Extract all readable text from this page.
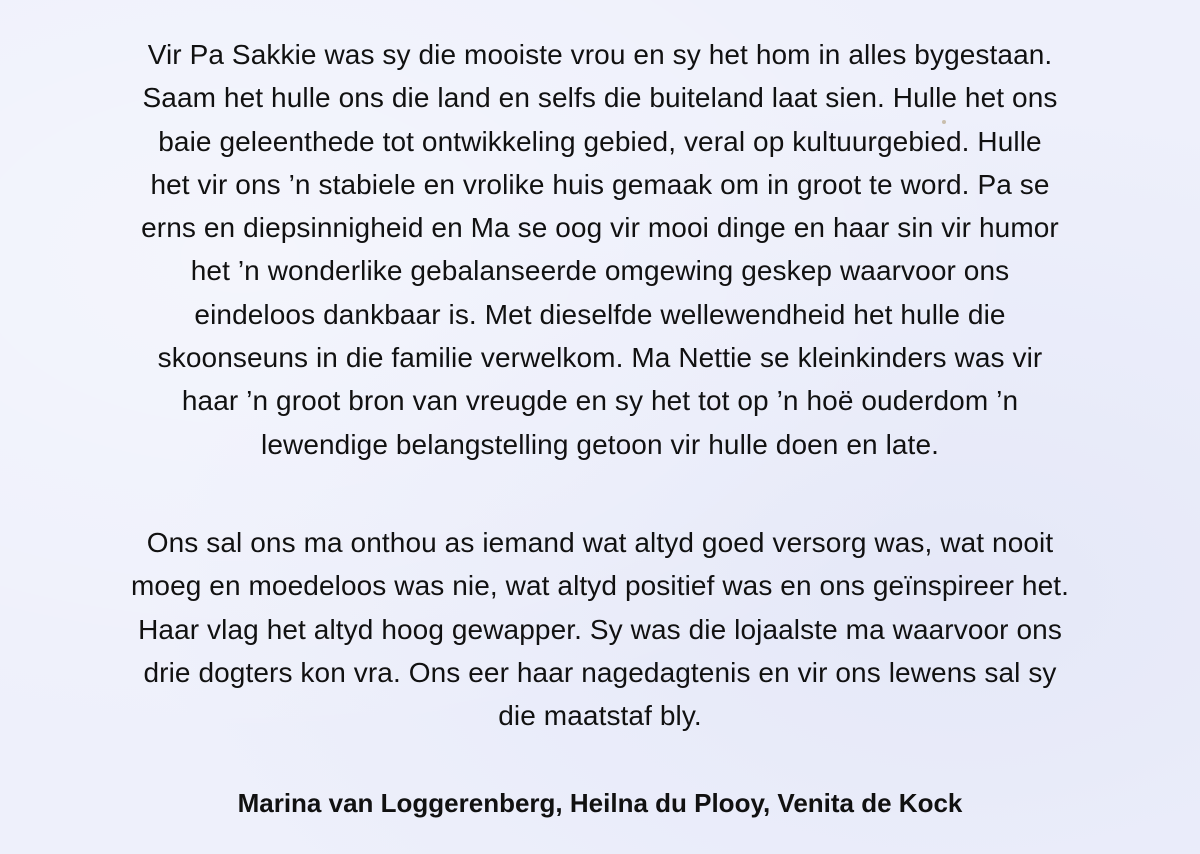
Vir Pa Sakkie was sy die mooiste vrou en sy het hom in alles bygestaan.
Saam het hulle ons die land en selfs die buiteland laat sien. Hulle het ons
baie geleenthede tot ontwikkeling gebied, veral op kultuurgebied. Hulle
het vir ons ’n stabiele en vrolike huis gemaak om in groot te word. Pa se
erns en diepsinnigheid en Ma se oog vir mooi dinge en haar sin vir humor
het ’n wonderlike gebalanseerde omgewing geskep waarvoor ons
eindeloos dankbaar is. Met dieselfde wellewendheid het hulle die
skoonseuns in die familie verwelkom. Ma Nettie se kleinkinders was vir
haar ’n groot bron van vreugde en sy het tot op ’n hoë ouderdom ’n
lewendige belangstelling getoon vir hulle doen en late.
Ons sal ons ma onthou as iemand wat altyd goed versorg was, wat nooit
moeg en moedeloos was nie, wat altyd positief was en ons geïnspireer het.
Haar vlag het altyd hoog gewapper. Sy was die lojaalste ma waarvoor ons
drie dogters kon vra. Ons eer haar nagedagtenis en vir ons lewens sal sy
die maatstaf bly.
Marina van Loggerenberg, Heilna du Plooy, Venita de Kock
